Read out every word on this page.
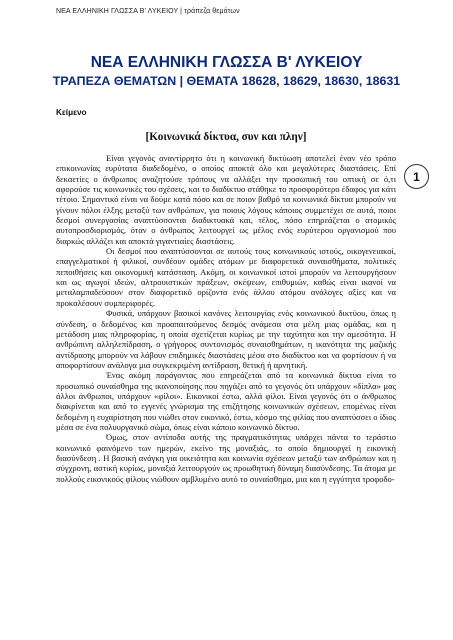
ΝΕΑ ΕΛΛΗΝΙΚΗ ΓΛΩΣΣΑ Β' ΛΥΚΕΙΟΥ | τράπεζα θεμάτων
ΝΕΑ ΕΛΛΗΝΙΚΗ ΓΛΩΣΣΑ Β' ΛΥΚΕΙΟΥ
ΤΡΑΠΕΖΑ ΘΕΜΑΤΩΝ | ΘΕΜΑΤΑ 18628, 18629, 18630, 18631
Κείμενο
[Κοινωνικά δίκτυα, συν και πλην]
1

Είναι γεγονός αναντίρρητο ότι η κοινωνική δικτύωση αποτελεί έναν νέο τρόπο επικοινωνίας ευρύτατα διαδεδομένο, ο οποίος αποκτά όλο και μεγαλύτερες διαστάσεις. Επί δεκαετίες ο άνθρωπος αναζητούσε τρόπους να αλλάξει την προσωπική του οπτική σε ό,τι αφορούσε τις κοινωνικές του σχέσεις, και το διαδίκτυο στάθηκε το προσφορότερο έδαφος για κάτι τέτοιο. Σημαντικό είναι να δούμε κατά πόσο και σε ποιον βαθμό τα κοινωνικά δίκτυα μπορούν να γίνουν πόλοι έλξης μεταξύ των ανθρώπων, για ποιους λόγους κάποιος συμμετέχει σε αυτά, ποιοι δεσμοί συνεργασίας αναπτύσσονται διαδικτυακά και, τέλος, πόσο επηρεάζεται ο ατομικός αυτοπροσδιορισμός, όταν ο άνθρωπος λειτουργεί ως μέλος ενός ευρύτερου οργανισμού που διαρκώς αλλάζει και αποκτά γιγαντιαίες διαστάσεις.

Οι δεσμοί που αναπτύσσονται σε αυτούς τους κοινωνικούς ιστούς, οικογενειακοί, επαγγελματικοί ή φιλικοί, συνδέουν ομάδες ατόμων με διαφορετικά συναισθήματα, πολιτικές πεποιθήσεις και οικονομική κατάσταση. Ακόμη, οι κοινωνικοί ιστοί μπορούν να λειτουργήσουν και ως αγωγοί ιδεών, αλτρουιστικών πράξεων, σκέψεων, επιθυμιών, καθώς είναι ικανοί να μεταλαμπαδεύσουν στον διαφορετικό ορίζοντα ενός άλλου ατόμου ανάλογες αξίες και να προκαλέσουν συμπεριφορές.

Φυσικά, υπάρχουν βασικοί κανόνες λειτουργίας ενός κοινωνικού δικτύου, όπως η σύνδεση, ο δεδομένος και προαπαιτούμενος δεσμός ανάμεσα στα μέλη μιας ομάδας, και η μετάδοση μιας πληροφορίας, η οποία σχετίζεται κυρίως με την ταχύτητα και την αμεσότητα. Η ανθρώπινη αλληλεπίδραση, ο γρήγορος συντονισμός συναισθημάτων, η ικανότητα της μαζικής αντίδρασης μπορούν να λάβουν επιδημικές διαστάσεις μέσα στο διαδίκτυο και να φορτίσουν ή να αποφορτίσουν ανάλογα μια συγκεκριμένη αντίδραση, θετική ή αρνητική.

Ένας ακόμη παράγοντας που επηρεάζεται από τα κοινωνικά δίκτυα είναι το προσωπικό συναίσθημα της ικανοποίησης που πηγάζει από το γεγονός ότι υπάρχουν «δίπλα» μας άλλοι άνθρωποι, υπάρχουν «φίλοι». Εικονικοί έστω, αλλά φίλοι. Είναι γεγονός ότι ο άνθρωπος διακρίνεται και από το εγγενές γνώρισμα της επιζήτησης κοινωνικών σχέσεων, επομένως είναι δεδομένη η ευχαρίστηση που νιώθει στον εικονικό, έστω, κόσμο της φιλίας που αναπτύσσει ο ίδιος μέσα σε ένα πολυυργανικό σώμα, όπως είναι κάποιο κοινωνικό δίκτυο.

Όμως, στον αντίποδα αυτής της πραγματικότητας υπάρχει πάντα το τεράστιο κοινωνικό φαινόμενο των ημερών, εκείνο της μοναξιάς, το οποίο δημιουργεί η εικονική διασύνδεση . Η βασική ανάγκη για οικειότητα και κοινωνία σχέσεων μεταξύ των ανθρώπων και η σύγχρονη, αστική κυρίως, μοναξιά λειτουργούν ως προωθητική δύναμη διασύνδεσης. Τα άτομα με πολλούς εικονικούς φίλους νιώθουν αμβλυμένο αυτό το συναίσθημα, μια και η εγγύτητα τροφοδο-
